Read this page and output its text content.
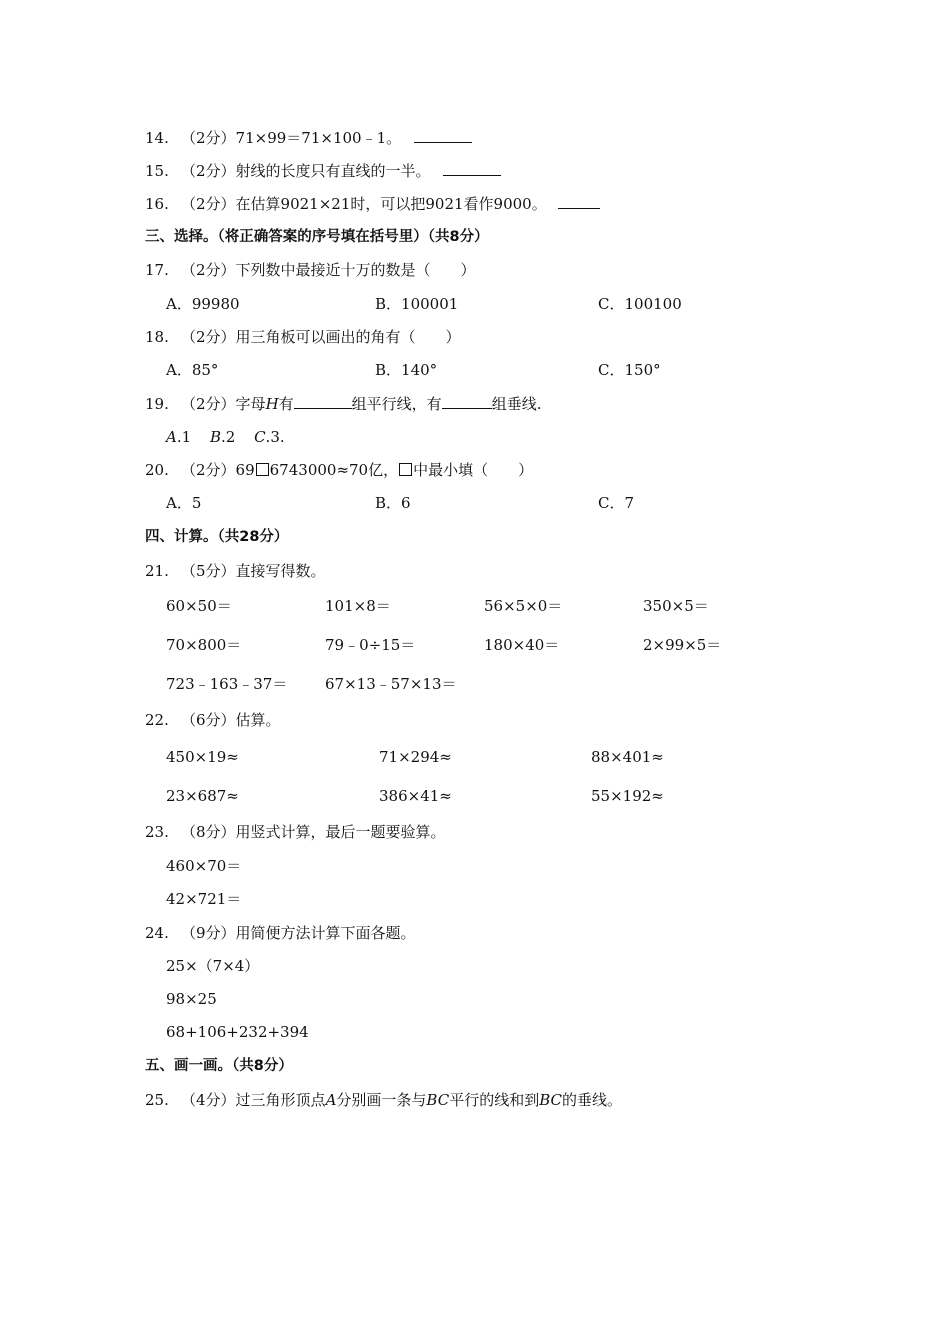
14. （2分）71×99＝71×100﹣1。
15. （2分）射线的长度只有直线的一半。
16. （2分）在估算9021×21时，可以把9021看作9000。
三、选择。（将正确答案的序号填在括号里）（共8分）
17. （2分）下列数中最接近十万的数是（　　）
A．99980	B．100001	C．100100
18. （2分）用三角板可以画出的角有（　　）
A．85°	B．140°	C．150°
19. （2分）字母H有	组平行线，有	组垂线.
A.1 B.2 C.3.
20. （2分）69 6743000≈70亿， 中最小填（　　）
A．5	B．6	C．7
四、计算。（共28分）
21. （5分）直接写得数。
60×50＝	101×8＝	56×5×0＝	350×5＝
70×800＝	79﹣0÷15＝	180×40＝	2×99×5＝
723﹣163﹣37＝	67×13﹣57×13＝
22. （6分）估算。
450×19≈	71×294≈	88×401≈
23×687≈	386×41≈	55×192≈
23. （8分）用竖式计算，最后一题要验算。
460×70＝
42×721＝
24. （9分）用简便方法计算下面各题。
25×（7×4）
98×25
68+106+232+394
五、画一画。（共8分）
25. （4分）过三角形顶点A分别画一条与BC平行的线和到BC的垂线。
